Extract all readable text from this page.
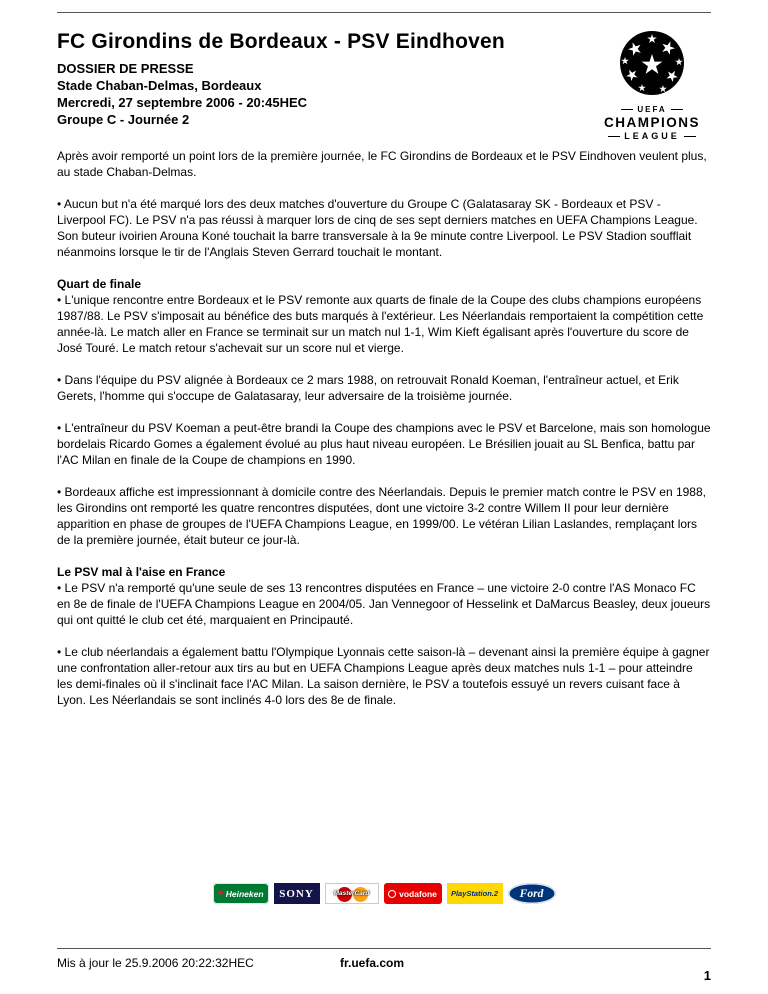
FC Girondins de Bordeaux - PSV Eindhoven
DOSSIER DE PRESSE
Stade Chaban-Delmas, Bordeaux
Mercredi, 27 septembre 2006 - 20:45HEC
Groupe C - Journée 2
UEFA
CHAMPIONS
LEAGUE

Après avoir remporté un point lors de la première journée, le FC Girondins de Bordeaux et le PSV Eindhoven veulent plus, au stade Chaban-Delmas.

• Aucun but n'a été marqué lors des deux matches d'ouverture du Groupe C (Galatasaray SK - Bordeaux et PSV - Liverpool FC). Le PSV n'a pas réussi à marquer lors de cinq de ses sept derniers matches en UEFA Champions League. Son buteur ivoirien Arouna Koné touchait la barre transversale à la 9e minute contre Liverpool. Le PSV Stadion soufflait néanmoins lorsque le tir de l'Anglais Steven Gerrard touchait le montant.

Quart de finale

• L'unique rencontre entre Bordeaux et le PSV remonte aux quarts de finale de la Coupe des clubs champions européens 1987/88. Le PSV s'imposait au bénéfice des buts marqués à l'extérieur. Les Néerlandais remportaient la compétition cette année-là. Le match aller en France se terminait sur un match nul 1-1, Wim Kieft égalisant après l'ouverture du score de José Touré. Le match retour s'achevait sur un score nul et vierge.

• Dans l'équipe du PSV alignée à Bordeaux ce 2 mars 1988, on retrouvait Ronald Koeman, l'entraîneur actuel, et Erik Gerets, l'homme qui s'occupe de Galatasaray, leur adversaire de la troisième journée.

• L'entraîneur du PSV Koeman a peut-être brandi la Coupe des champions avec le PSV et Barcelone, mais son homologue bordelais Ricardo Gomes a également évolué au plus haut niveau européen. Le Brésilien jouait au SL Benfica, battu par l'AC Milan en finale de la Coupe de champions en 1990.

• Bordeaux affiche est impressionnant à domicile contre des Néerlandais. Depuis le premier match contre le PSV en 1988, les Girondins ont remporté les quatre rencontres disputées, dont une victoire 3-2 contre Willem II pour leur dernière apparition en phase de groupes de l'UEFA Champions League, en 1999/00. Le vétéran Lilian Laslandes, remplaçant lors de la première journée, était buteur ce jour-là.

Le PSV mal à l'aise en France

• Le PSV n'a remporté qu'une seule de ses 13 rencontres disputées en France – une victoire 2-0 contre l'AS Monaco FC en 8e de finale de l'UEFA Champions League en 2004/05. Jan Vennegoor of Hesselink et DaMarcus Beasley, deux joueurs qui ont quitté le club cet été, marquaient en Principauté.

• Le club néerlandais a également battu l'Olympique Lyonnais cette saison-là – devenant ainsi la première équipe à gagner une confrontation aller-retour aux tirs au but en UEFA Champions League après deux matches nuls 1-1 – pour atteindre les demi-finales où il s'inclinait face l'AC Milan. La saison dernière, le PSV a toutefois essuyé un revers cuisant face à Lyon. Les Néerlandais se sont inclinés 4-0 lors des 8e de finale.

★ Heineken SONY	MasterCard	vodafone PlayStation.2 Ford
Mis à jour le 25.9.2006 20:22:32HEC	fr.uefa.com
1
